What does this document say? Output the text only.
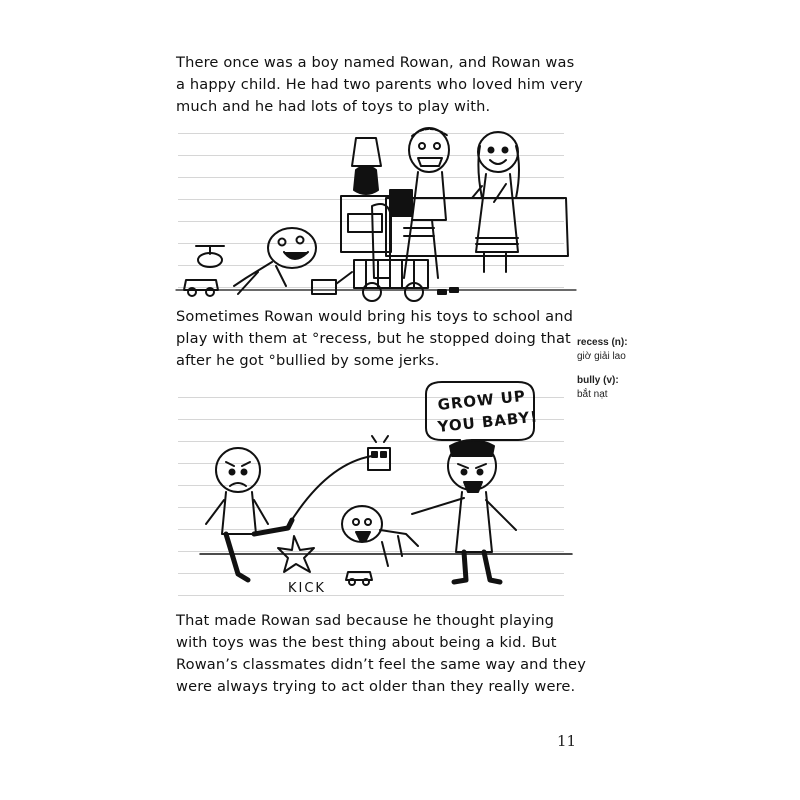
There once was a boy named Rowan, and Rowan was
a happy child. He had two parents who loved him very
much and he had lots of toys to play with.
Sometimes Rowan would bring his toys to school and
play with them at °recess, but he stopped doing that
after he got °bullied by some jerks.
recess (n):
giờ giải lao
bully (v):
bắt nạt
GROW UP
YOU BABY!
KICK
That made Rowan sad because he thought playing
with toys was the best thing about being a kid. But
Rowan’s classmates didn’t feel the same way and they
were always trying to act older than they really were.
11
